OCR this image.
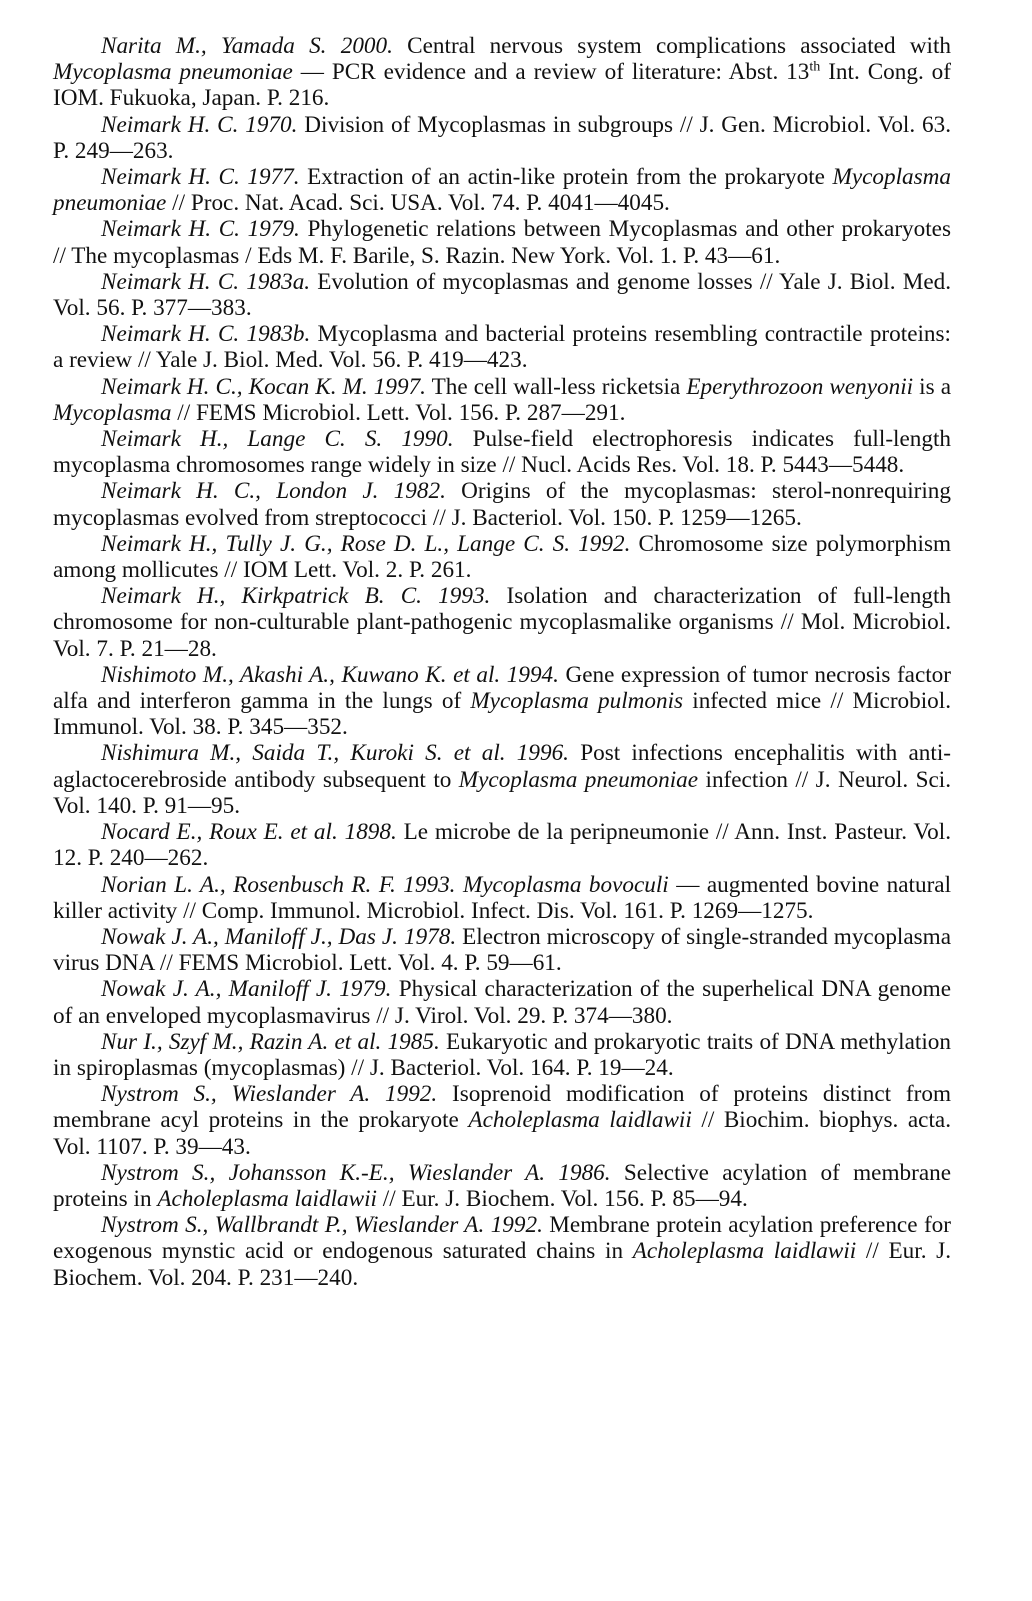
Narita M., Yamada S. 2000. Central nervous system complications associated with Mycoplasma pneumoniae — PCR evidence and a review of literature: Abst. 13th Int. Cong. of IOM. Fukuoka, Japan. P. 216.

Neimark H. C. 1970. Division of Mycoplasmas in subgroups // J. Gen. Microbiol. Vol. 63. P. 249—263.

Neimark H. C. 1977. Extraction of an actin-like protein from the prokaryote Mycoplasma pneumoniae // Proc. Nat. Acad. Sci. USA. Vol. 74. P. 4041—4045.

Neimark H. C. 1979. Phylogenetic relations between Mycoplasmas and other prokaryotes // The mycoplasmas / Eds M. F. Barile, S. Razin. New York. Vol. 1. P. 43—61.

Neimark H. C. 1983a. Evolution of mycoplasmas and genome losses // Yale J. Biol. Med. Vol. 56. P. 377—383.

Neimark H. C. 1983b. Mycoplasma and bacterial proteins resembling contractile proteins: a review // Yale J. Biol. Med. Vol. 56. P. 419—423.

Neimark H. C., Kocan K. M. 1997. The cell wall-less ricketsia Eperythrozoon wenyonii is a Mycoplasma // FEMS Microbiol. Lett. Vol. 156. P. 287—291.

Neimark H., Lange C. S. 1990. Pulse-field electrophoresis indicates full-length mycoplasma chromosomes range widely in size // Nucl. Acids Res. Vol. 18. P. 5443—5448.

Neimark H. C., London J. 1982. Origins of the mycoplasmas: sterol-nonrequiring mycoplasmas evolved from streptococci // J. Bacteriol. Vol. 150. P. 1259—1265.

Neimark H., Tully J. G., Rose D. L., Lange C. S. 1992. Chromosome size polymorphism among mollicutes // IOM Lett. Vol. 2. P. 261.

Neimark H., Kirkpatrick B. C. 1993. Isolation and characterization of full-length chromosome for non-culturable plant-pathogenic mycoplasmalike organisms // Mol. Microbiol. Vol. 7. P. 21—28.

Nishimoto M., Akashi A., Kuwano K. et al. 1994. Gene expression of tumor necrosis factor alfa and interferon gamma in the lungs of Mycoplasma pulmonis infected mice // Microbiol. Immunol. Vol. 38. P. 345—352.

Nishimura M., Saida T., Kuroki S. et al. 1996. Post infections encephalitis with anti-aglactocerebroside antibody subsequent to Mycoplasma pneumoniae infection // J. Neurol. Sci. Vol. 140. P. 91—95.

Nocard E., Roux E. et al. 1898. Le microbe de la peripneumonie // Ann. Inst. Pasteur. Vol. 12. P. 240—262.

Norian L. A., Rosenbusch R. F. 1993. Mycoplasma bovoculi — augmented bovine natural killer activity // Comp. Immunol. Microbiol. Infect. Dis. Vol. 161. P. 1269—1275.

Nowak J. A., Maniloff J., Das J. 1978. Electron microscopy of single-stranded mycoplasma virus DNA // FEMS Microbiol. Lett. Vol. 4. P. 59—61.

Nowak J. A., Maniloff J. 1979. Physical characterization of the superhelical DNA genome of an enveloped mycoplasmavirus // J. Virol. Vol. 29. P. 374—380.

Nur I., Szyf M., Razin A. et al. 1985. Eukaryotic and prokaryotic traits of DNA methylation in spiroplasmas (mycoplasmas) // J. Bacteriol. Vol. 164. P. 19—24.

Nystrom S., Wieslander A. 1992. Isoprenoid modification of proteins distinct from membrane acyl proteins in the prokaryote Acholeplasma laidlawii // Biochim. biophys. acta. Vol. 1107. P. 39—43.

Nystrom S., Johansson K.-E., Wieslander A. 1986. Selective acylation of membrane proteins in Acholeplasma laidlawii // Eur. J. Biochem. Vol. 156. P. 85—94.

Nystrom S., Wallbrandt P., Wieslander A. 1992. Membrane protein acylation preference for exogenous mynstic acid or endogenous saturated chains in Acholeplasma laidlawii // Eur. J. Biochem. Vol. 204. P. 231—240.
